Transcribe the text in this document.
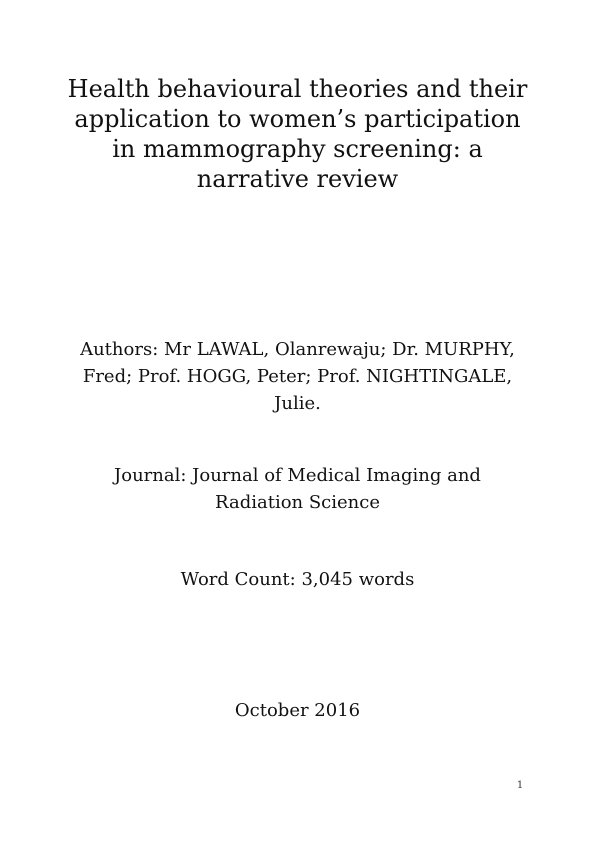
Health behavioural theories and their
application to women’s participation
in mammography screening: a
narrative review
Authors: Mr LAWAL, Olanrewaju; Dr. MURPHY,
Fred; Prof. HOGG, Peter; Prof. NIGHTINGALE,
Julie.
Journal: Journal of Medical Imaging and
Radiation Science
Word Count: 3,045 words
October 2016
1
